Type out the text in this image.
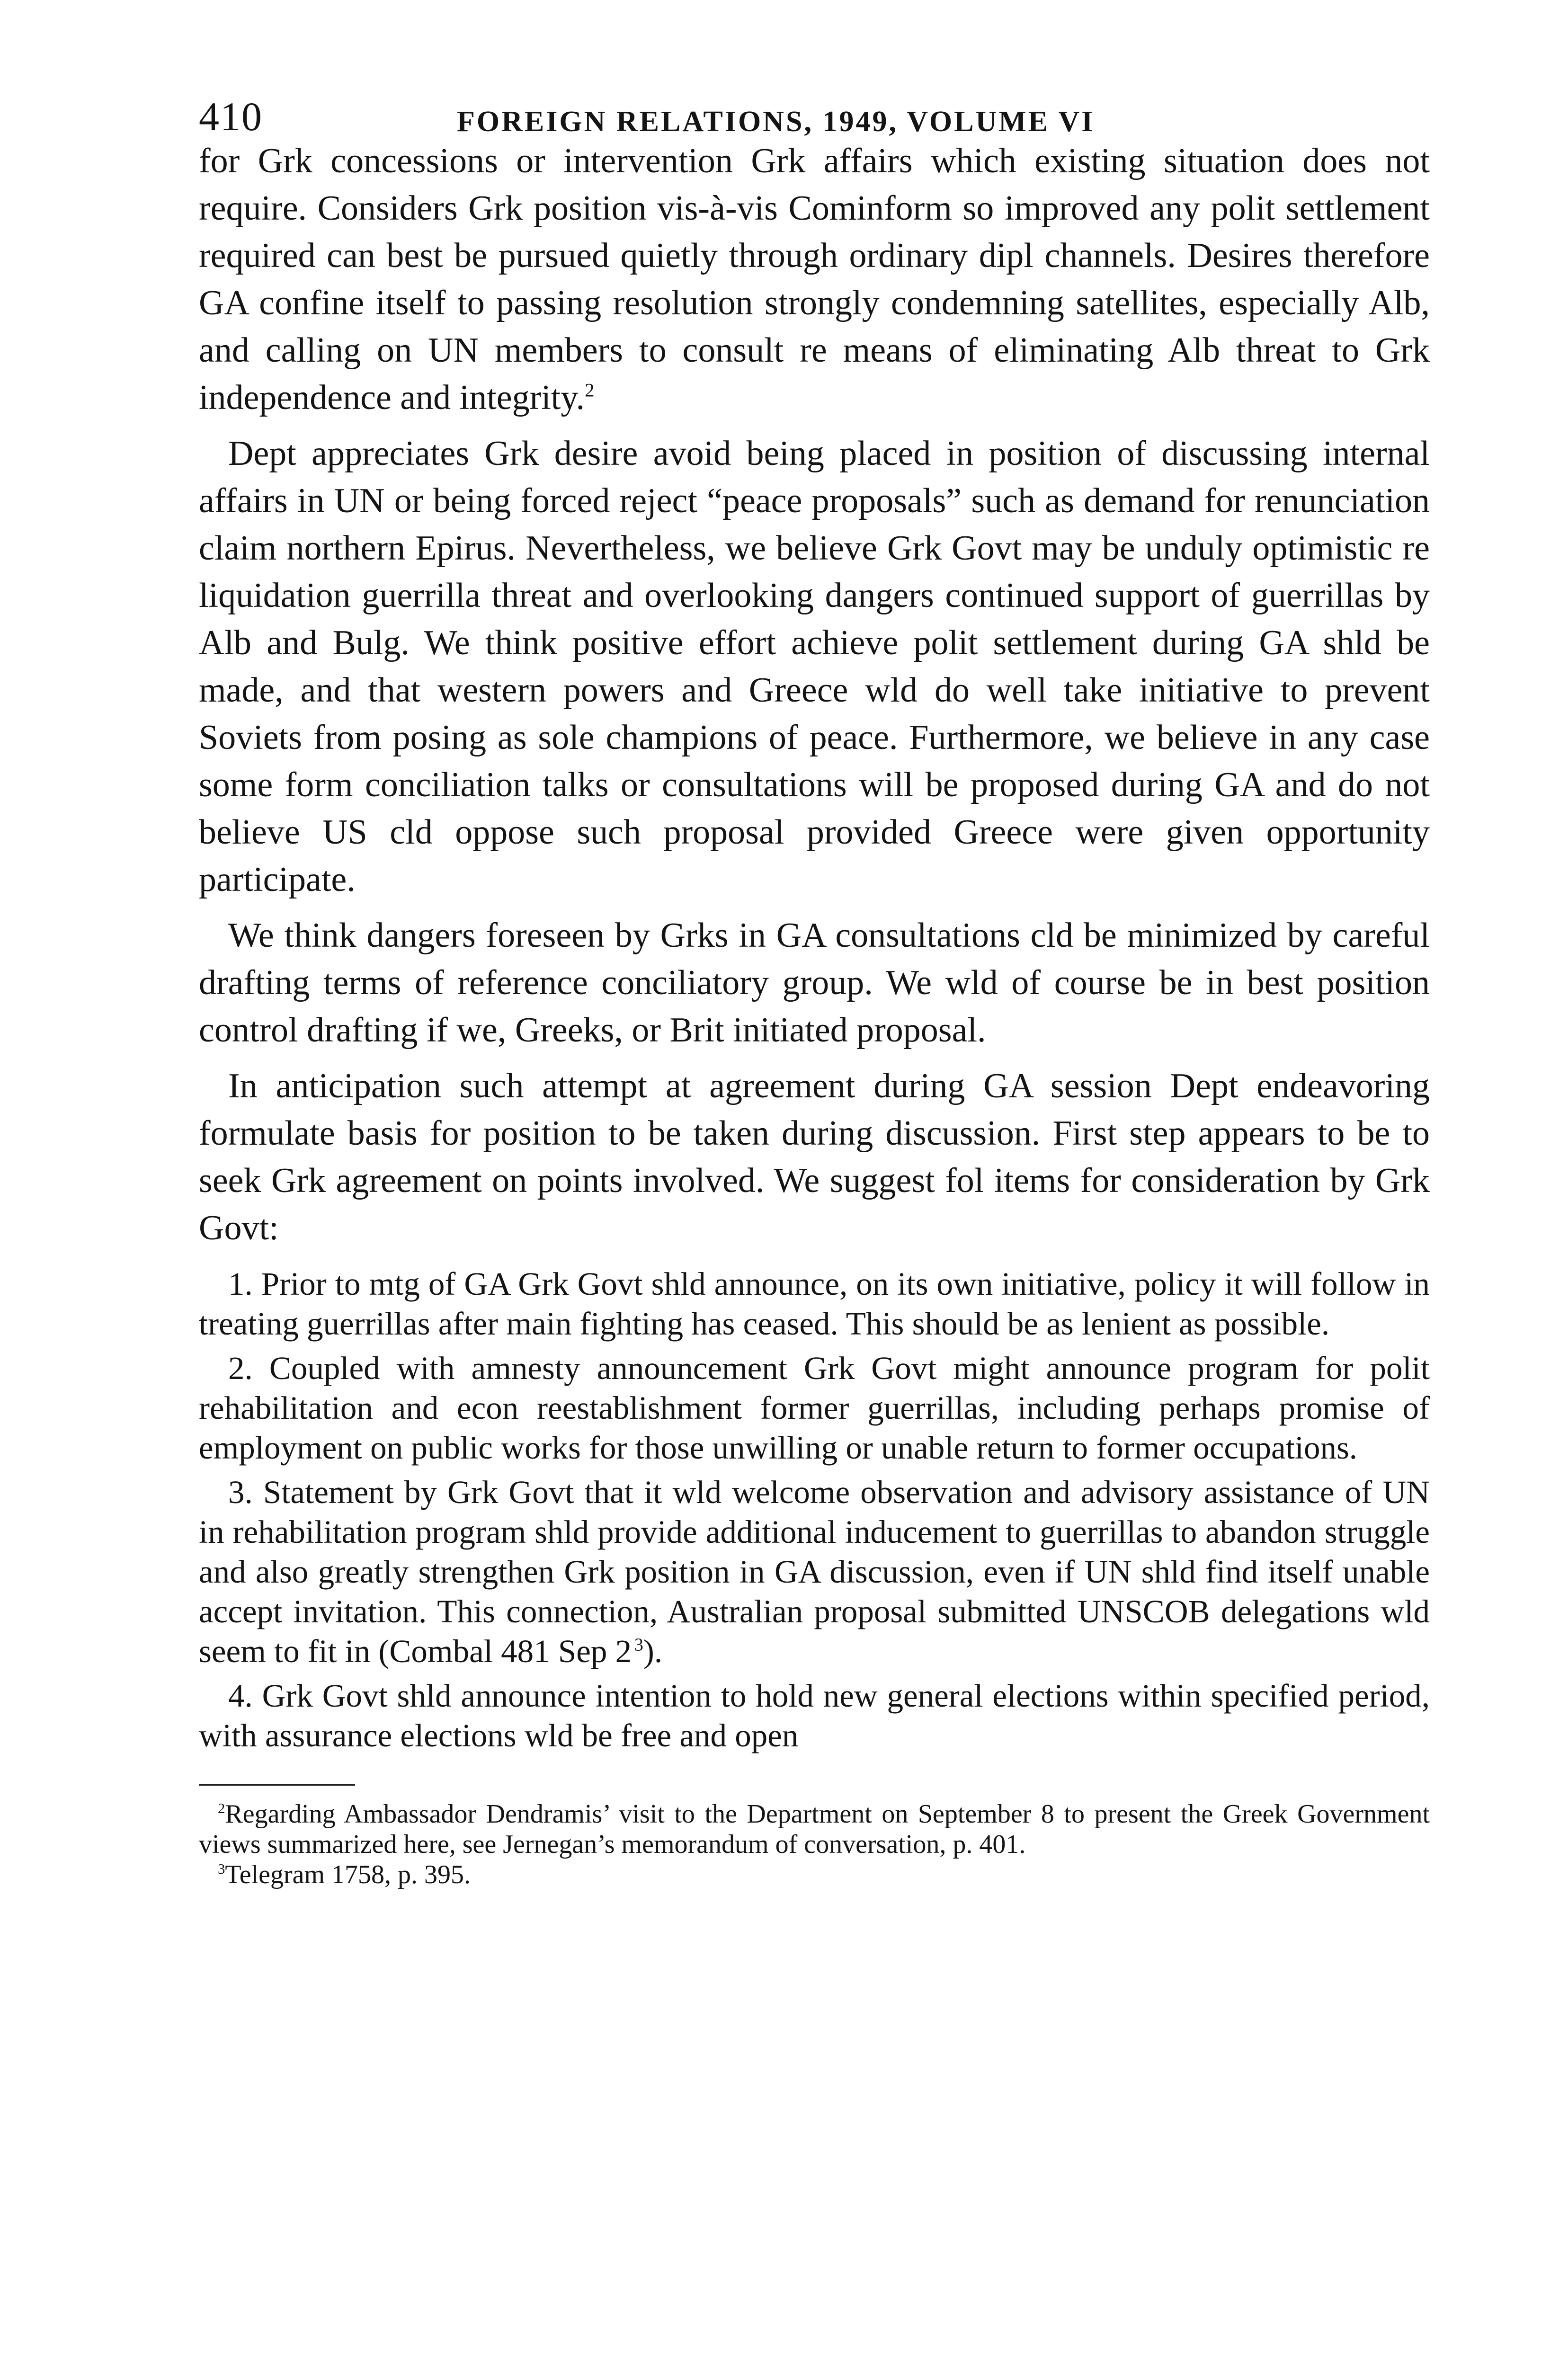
410	FOREIGN RELATIONS, 1949, VOLUME VI

for Grk concessions or intervention Grk affairs which existing situation does not require. Considers Grk position vis-à-vis Cominform so improved any polit settlement required can best be pursued quietly through ordinary dipl channels. Desires therefore GA confine itself to passing resolution strongly condemning satellites, especially Alb, and calling on UN members to consult re means of eliminating Alb threat to Grk independence and integrity.$^2$

Dept appreciates Grk desire avoid being placed in position of discussing internal affairs in UN or being forced reject “peace proposals” such as demand for renunciation claim northern Epirus. Nevertheless, we believe Grk Govt may be unduly optimistic re liquidation guerrilla threat and overlooking dangers continued support of guerrillas by Alb and Bulg. We think positive effort achieve polit settlement during GA shld be made, and that western powers and Greece wld do well take initiative to prevent Soviets from posing as sole champions of peace. Furthermore, we believe in any case some form conciliation talks or consultations will be proposed during GA and do not believe US cld oppose such proposal provided Greece were given opportunity participate.

We think dangers foreseen by Grks in GA consultations cld be minimized by careful drafting terms of reference conciliatory group. We wld of course be in best position control drafting if we, Greeks, or Brit initiated proposal.

In anticipation such attempt at agreement during GA session Dept endeavoring formulate basis for position to be taken during discussion. First step appears to be to seek Grk agreement on points involved. We suggest fol items for consideration by Grk Govt:

1. Prior to mtg of GA Grk Govt shld announce, on its own initiative, policy it will follow in treating guerrillas after main fighting has ceased. This should be as lenient as possible.

2. Coupled with amnesty announcement Grk Govt might announce program for polit rehabilitation and econ reestablishment former guerrillas, including perhaps promise of employment on public works for those unwilling or unable return to former occupations.

3. Statement by Grk Govt that it wld welcome observation and advisory assistance of UN in rehabilitation program shld provide additional inducement to guerrillas to abandon struggle and also greatly strengthen Grk position in GA discussion, even if UN shld find itself unable accept invitation. This connection, Australian proposal submitted UNSCOB delegations wld seem to fit in (Combal 481 Sep 2  $^3$).

4. Grk Govt shld announce intention to hold new general elections within specified period, with assurance elections wld be free and open

$^2$Regarding Ambassador Dendramis’ visit to the Department on September 8 to present the Greek Government views summarized here, see Jernegan’s memorandum of conversation, p. 401.

$^3$Telegram 1758, p. 395.
